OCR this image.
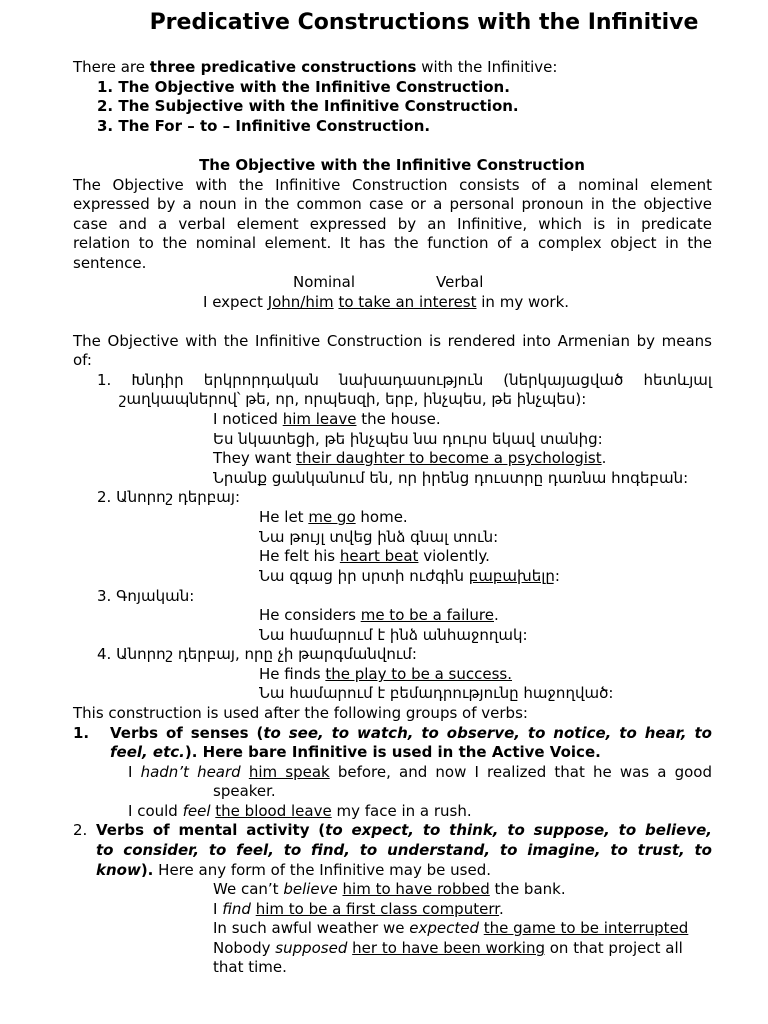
Predicative Constructions with the Infinitive
There are three predicative constructions with the Infinitive:
1. The Objective with the Infinitive Construction.
2. The Subjective with the Infinitive Construction.
3. The For – to – Infinitive Construction.
The Objective with the Infinitive Construction
The Objective with the Infinitive Construction consists of a nominal element
expressed by a noun in the common case or a personal pronoun in the objective
case and a verbal element expressed by an Infinitive, which is in predicate
relation to the nominal element. It has the function of a complex object in the
sentence.
Nominal	Verbal
I expect John/him to take an interest in my work.
The Objective with the Infinitive Construction is rendered into Armenian by means
of:
1. Խնդիր երկրորդական նախադասություն (ներկայացված հետևյալ
շաղկապներով՝ թե, որ, որպեսզի, երբ, ինչպես, թե ինչպես):
I noticed him leave the house.
Ես նկատեցի, թե ինչպես նա դուրս եկավ տանից:
They want their daughter to become a psychologist.
Նրանք ցանկանում են, որ իրենց դուստրը դառնա հոգեբան:
2. Անորոշ դերբայ:
He let me go home.
Նա թույլ տվեց ինձ գնալ տուն:
He felt his heart beat violently.
Նա զգաց իր սրտի ուժգին բաբախելը:
3. Գոյական:
He considers me to be a failure.
Նա համարում է ինձ անհաջողակ:
4. Անորոշ դերբայ, որը չի թարգմանվում:
He finds the play to be a success.
Նա համարում է բեմադրությունը հաջողված:
This construction is used after the following groups of verbs:
1. Verbs of senses (to see, to watch, to observe, to notice, to hear, to
feel, etc.). Here bare Infinitive is used in the Active Voice.
I hadn’t heard him speak before, and now I realized that he was a good
speaker.
I could feel the blood leave my face in a rush.
2. Verbs of mental activity (to expect, to think, to suppose, to believe,
to consider, to feel, to find, to understand, to imagine, to trust, to
know). Here any form of the Infinitive may be used.
We can’t believe him to have robbed the bank.
I find him to be a first class computerr.
In such awful weather we expected the game to be interrupted
Nobody supposed her to have been working on that project all
that time.
